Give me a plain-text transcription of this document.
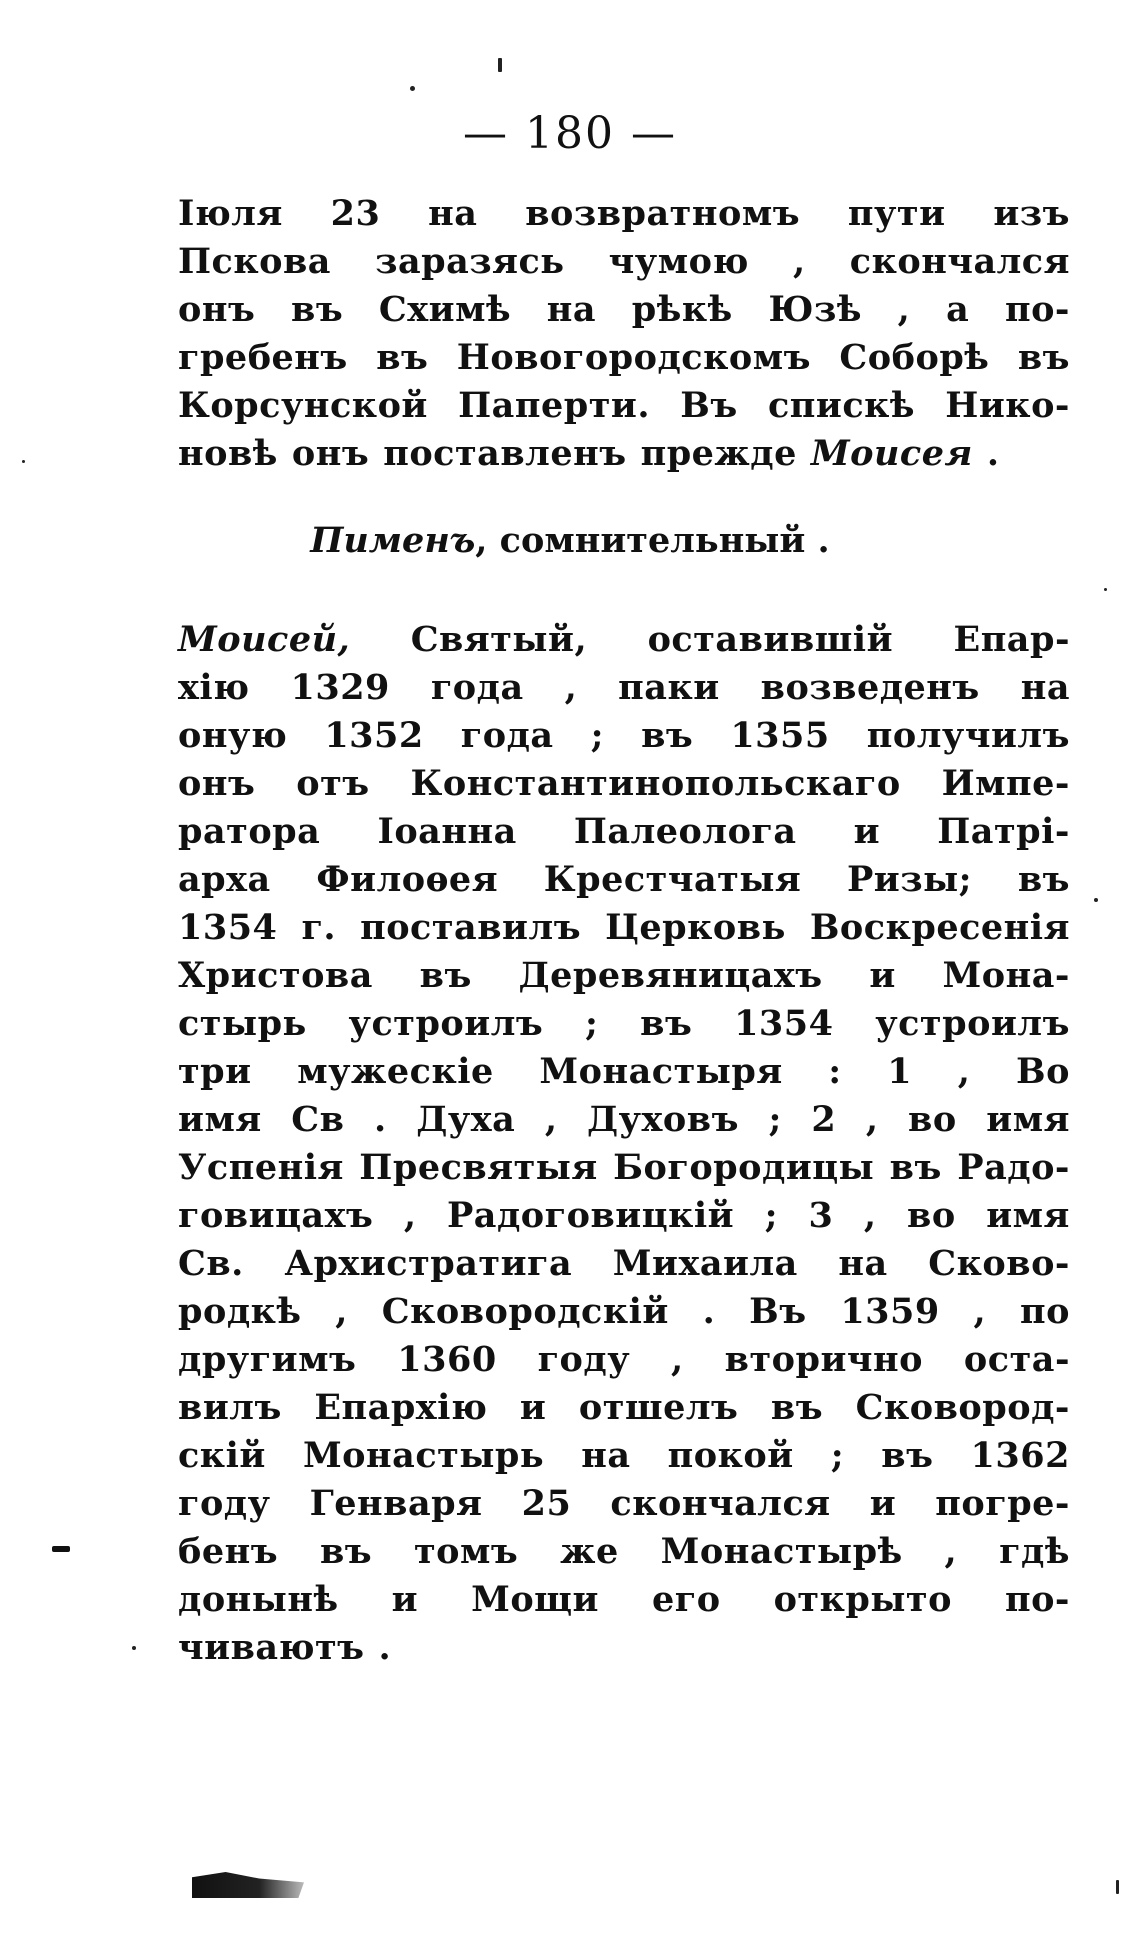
— 180 —
Іюля 23 на возвратномъ пути изъ
Пскова заразясь чумою , скончался
онъ въ Схимѣ на рѣкѣ Юзѣ , а по-
гребенъ въ Новогородскомъ Соборѣ въ
Корсунской Паперти. Въ спискѣ Нико-
новѣ онъ поставленъ прежде Моисея .
Пименъ, сомнительный .
Моисей, Святый, оставившій Епар-
хію 1329 года , паки возведенъ на
оную 1352 года ; въ 1355 получилъ
онъ отъ Константинопольскаго Импе-
ратора Іоанна Палеолога и Патрі-
арха Филоѳея Крестчатыя Ризы; въ
1354 г. поставилъ Церковь Воскресенія
Христова въ Деревяницахъ и Мона-
стырь устроилъ ; въ 1354 устроилъ
три мужескіе Монастыря : 1 , Во
имя Св . Духа , Духовъ ; 2 , во имя
Успенія Пресвятыя Богородицы въ Радо-
говицахъ , Радоговицкій ; 3 , во имя
Св. Архистратига Михаила на Сково-
родкѣ , Сковородскій . Въ 1359 , по
другимъ 1360 году , вторично оста-
вилъ Епархію и отшелъ въ Сковород-
скій Монастырь на покой ; въ 1362
году Генваря 25 скончался и погре-
бенъ въ томъ же Монастырѣ , гдѣ
донынѣ и Мощи его открыто по-
чиваютъ .
